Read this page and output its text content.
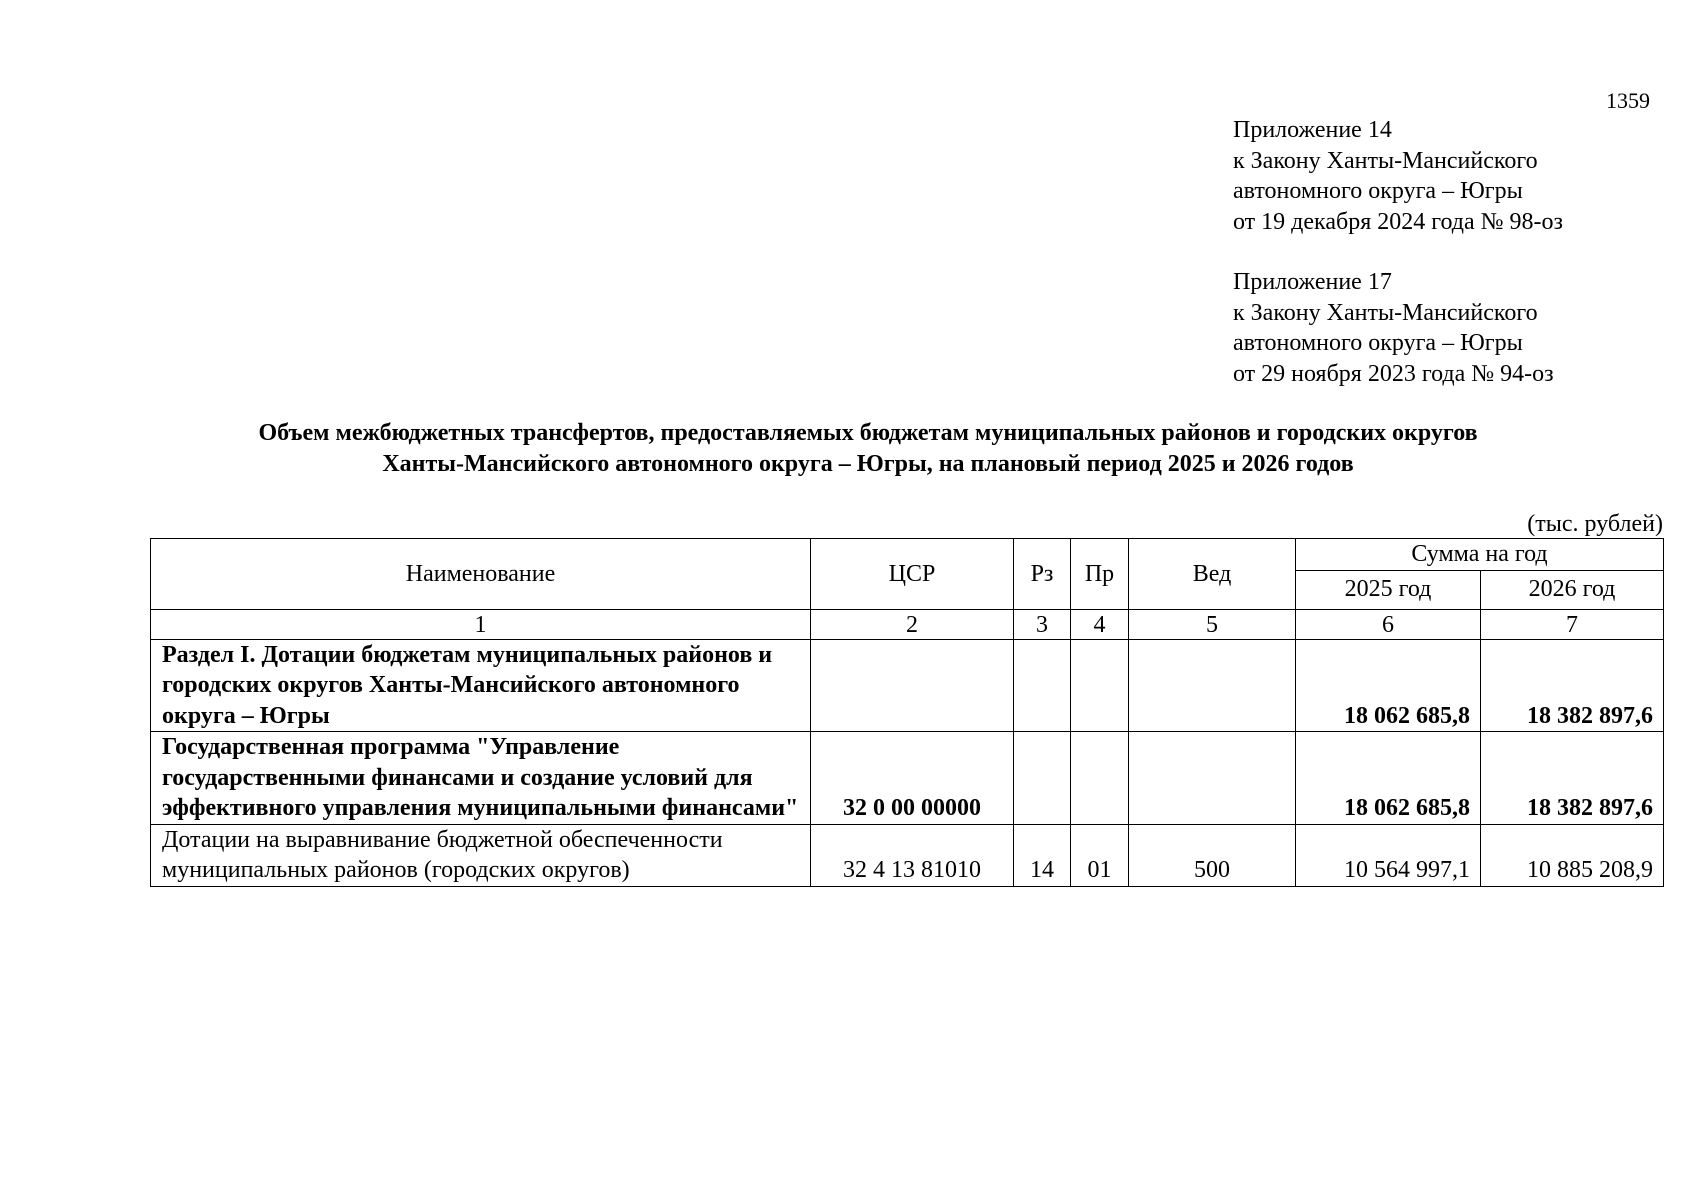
1359
Приложение 14
к Закону Ханты-Мансийского
автономного округа – Югры
от 19 декабря 2024 года № 98-оз
Приложение 17
к Закону Ханты-Мансийского
автономного округа – Югры
от 29 ноября 2023 года № 94-оз
Объем межбюджетных трансфертов, предоставляемых бюджетам муниципальных районов и городских округов
Ханты-Мансийского автономного округа – Югры, на плановый период 2025 и 2026 годов
(тыс. рублей)
Наименование	ЦСР	Рз	Пр	Вед	Сумма на год	
					2025 год	2026 год
1	2	3	4	5	6	7
Раздел I. Дотации бюджетам муниципальных районов и городских округов Ханты-Мансийского автономного округа – Югры					18 062 685,8	18 382 897,6
Государственная программа "Управление государственными финансами и создание условий для эффективного управления муниципальными финансами"	32 0 00 00000				18 062 685,8	18 382 897,6
Дотации на выравнивание бюджетной обеспеченности муниципальных районов (городских округов)	32 4 13 81010	14	01	500	10 564 997,1	10 885 208,9
